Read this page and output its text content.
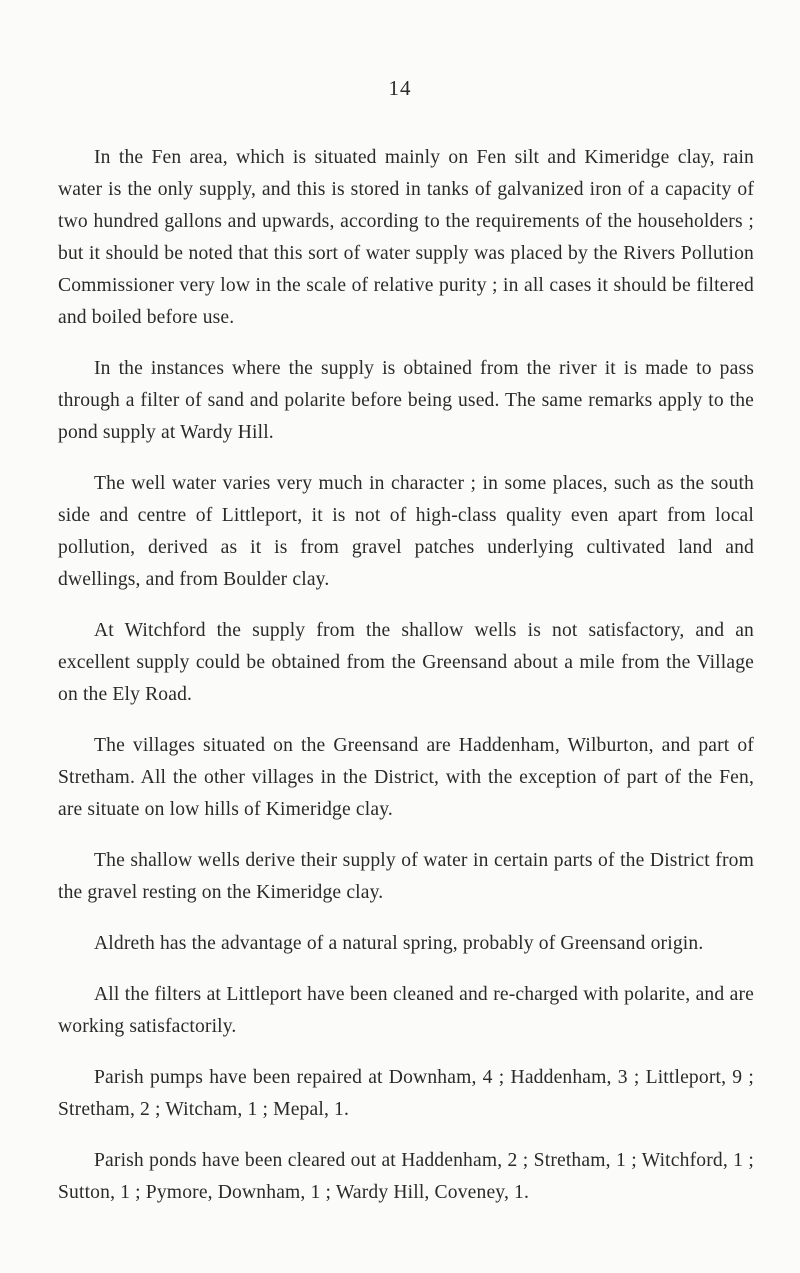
14

In the Fen area, which is situated mainly on Fen silt and Kimeridge clay, rain water is the only supply, and this is stored in tanks of galvanized iron of a capacity of two hundred gallons and upwards, according to the requirements of the householders ; but it should be noted that this sort of water supply was placed by the Rivers Pollution Commissioner very low in the scale of relative purity ; in all cases it should be filtered and boiled before use.

In the instances where the supply is obtained from the river it is made to pass through a filter of sand and polarite before being used. The same remarks apply to the pond supply at Wardy Hill.

The well water varies very much in character ; in some places, such as the south side and centre of Littleport, it is not of high-class quality even apart from local pollution, derived as it is from gravel patches underlying cultivated land and dwellings, and from Boulder clay.

At Witchford the supply from the shallow wells is not satisfactory, and an excellent supply could be obtained from the Greensand about a mile from the Village on the Ely Road.

The villages situated on the Greensand are Haddenham, Wilburton, and part of Stretham. All the other villages in the District, with the exception of part of the Fen, are situate on low hills of Kimeridge clay.

The shallow wells derive their supply of water in certain parts of the District from the gravel resting on the Kimeridge clay.

Aldreth has the advantage of a natural spring, probably of Greensand origin.

All the filters at Littleport have been cleaned and re-charged with polarite, and are working satisfactorily.

Parish pumps have been repaired at Downham, 4 ; Haddenham, 3 ; Littleport, 9 ; Stretham, 2 ; Witcham, 1 ; Mepal, 1.

Parish ponds have been cleared out at Haddenham, 2 ; Stretham, 1 ; Witchford, 1 ; Sutton, 1 ; Pymore, Downham, 1 ; Wardy Hill, Coveney, 1.
